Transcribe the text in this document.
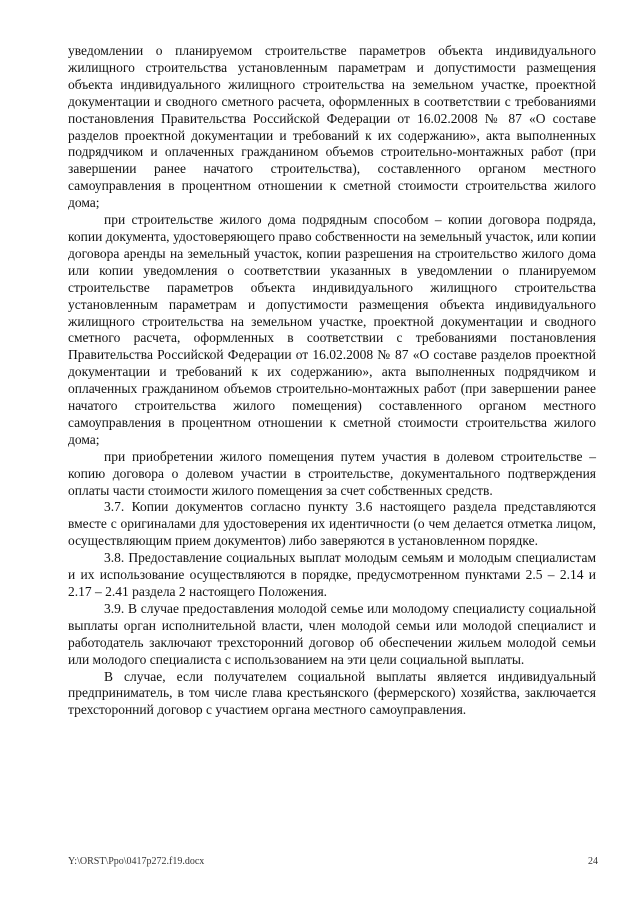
уведомлении о планируемом строительстве параметров объекта индивидуального жилищного строительства установленным параметрам и допустимости размещения объекта индивидуального жилищного строительства на земельном участке, проектной документации и сводного сметного расчета, оформленных в соответствии с требованиями постановления Правительства Российской Федерации от 16.02.2008 № 87 «О составе разделов проектной документации и требований к их содержанию», акта выполненных подрядчиком и оплаченных гражданином объемов строительно-монтажных работ (при завершении ранее начатого строительства), составленного органом местного самоуправления в процентном отношении к сметной стоимости строительства жилого дома;

при строительстве жилого дома подрядным способом – копии договора подряда, копии документа, удостоверяющего право собственности на земельный участок, или копии договора аренды на земельный участок, копии разрешения на строительство жилого дома или копии уведомления о соответствии указанных в уведомлении о планируемом строительстве параметров объекта индивидуального жилищного строительства установленным параметрам и допустимости размещения объекта индивидуального жилищного строительства на земельном участке, проектной документации и сводного сметного расчета, оформленных в соответствии с требованиями постановления Правительства Российской Федерации от 16.02.2008 № 87 «О составе разделов проектной документации и требований к их содержанию», акта выполненных подрядчиком и оплаченных гражданином объемов строительно-монтажных работ (при завершении ранее начатого строительства жилого помещения) составленного органом местного самоуправления в процентном отношении к сметной стоимости строительства жилого дома;

при приобретении жилого помещения путем участия в долевом строительстве – копию договора о долевом участии в строительстве, документального подтверждения оплаты части стоимости жилого помещения за счет собственных средств.

3.7. Копии документов согласно пункту 3.6 настоящего раздела представляются вместе с оригиналами для удостоверения их идентичности (о чем делается отметка лицом, осуществляющим прием документов) либо заверяются в установленном порядке.

3.8. Предоставление социальных выплат молодым семьям и молодым специалистам и их использование осуществляются в порядке, предусмотренном пунктами 2.5 – 2.14 и 2.17 – 2.41 раздела 2 настоящего Положения.

3.9. В случае предоставления молодой семье или молодому специалисту социальной выплаты орган исполнительной власти, член молодой семьи или молодой специалист и работодатель заключают трехсторонний договор об обеспечении жильем молодой семьи или молодого специалиста с использованием на эти цели социальной выплаты.

В случае, если получателем социальной выплаты является индивидуальный предприниматель, в том числе глава крестьянского (фермерского) хозяйства, заключается трехсторонний договор с участием органа местного самоуправления.

Y:\ORST\Ppo\0417p272.f19.docx	24
